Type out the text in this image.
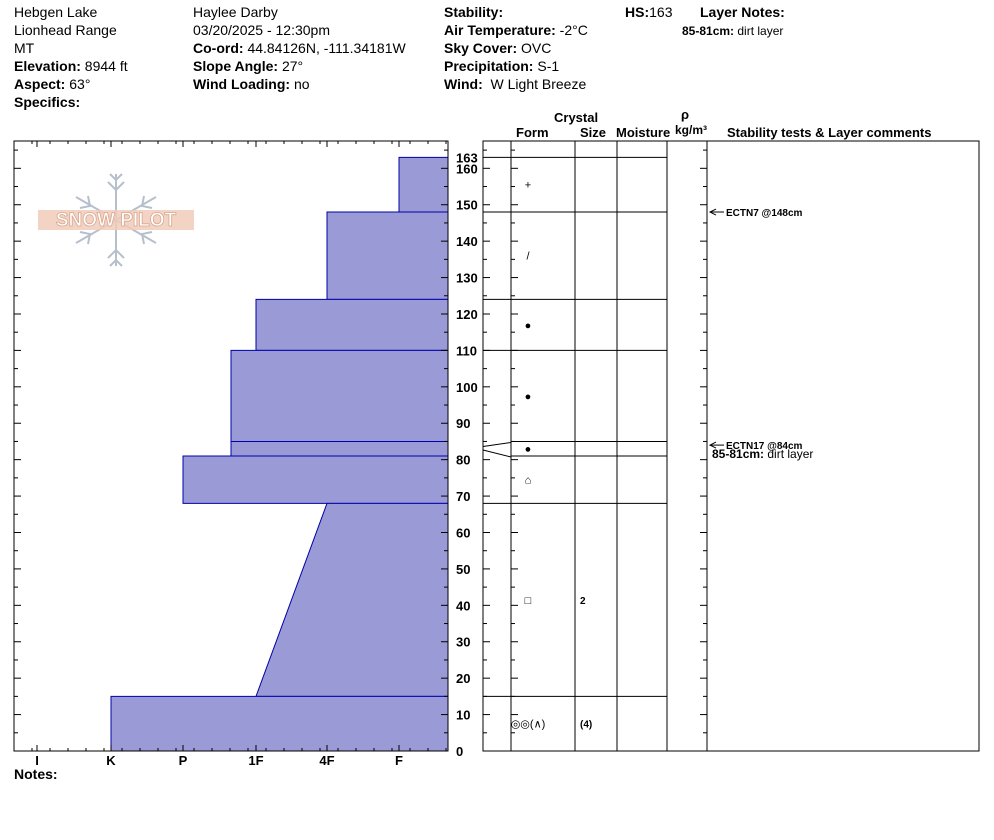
Hebgen Lake
Lionhead Range
MT
Elevation: 8944 ft
Aspect: 63°
Specifics:
Haylee Darby
03/20/2025 - 12:30pm
Co-ord: 44.84126N, -111.34181W
Slope Angle: 27°
Wind Loading: no
Stability:
Air Temperature: -2°C
Sky Cover: OVC
Precipitation: S-1
Wind: W Light Breeze
HS:163 Layer Notes:
85-81cm: dirt layer
Crystal
Form Size Moisture
ρ
kg/m³ Stability tests & Layer comments
SNOW PILOT
I	K	P	1F	4F	F
0
10
20
30
40
50
60
70
80
90
100
110
120
130
140
150
160
163
+
/
●
●
●
⌂
□	2
◎◎(∧)	(4)
ECTN7 @148cm
ECTN17 @84cm
85-81cm: dirt layer
Notes:
